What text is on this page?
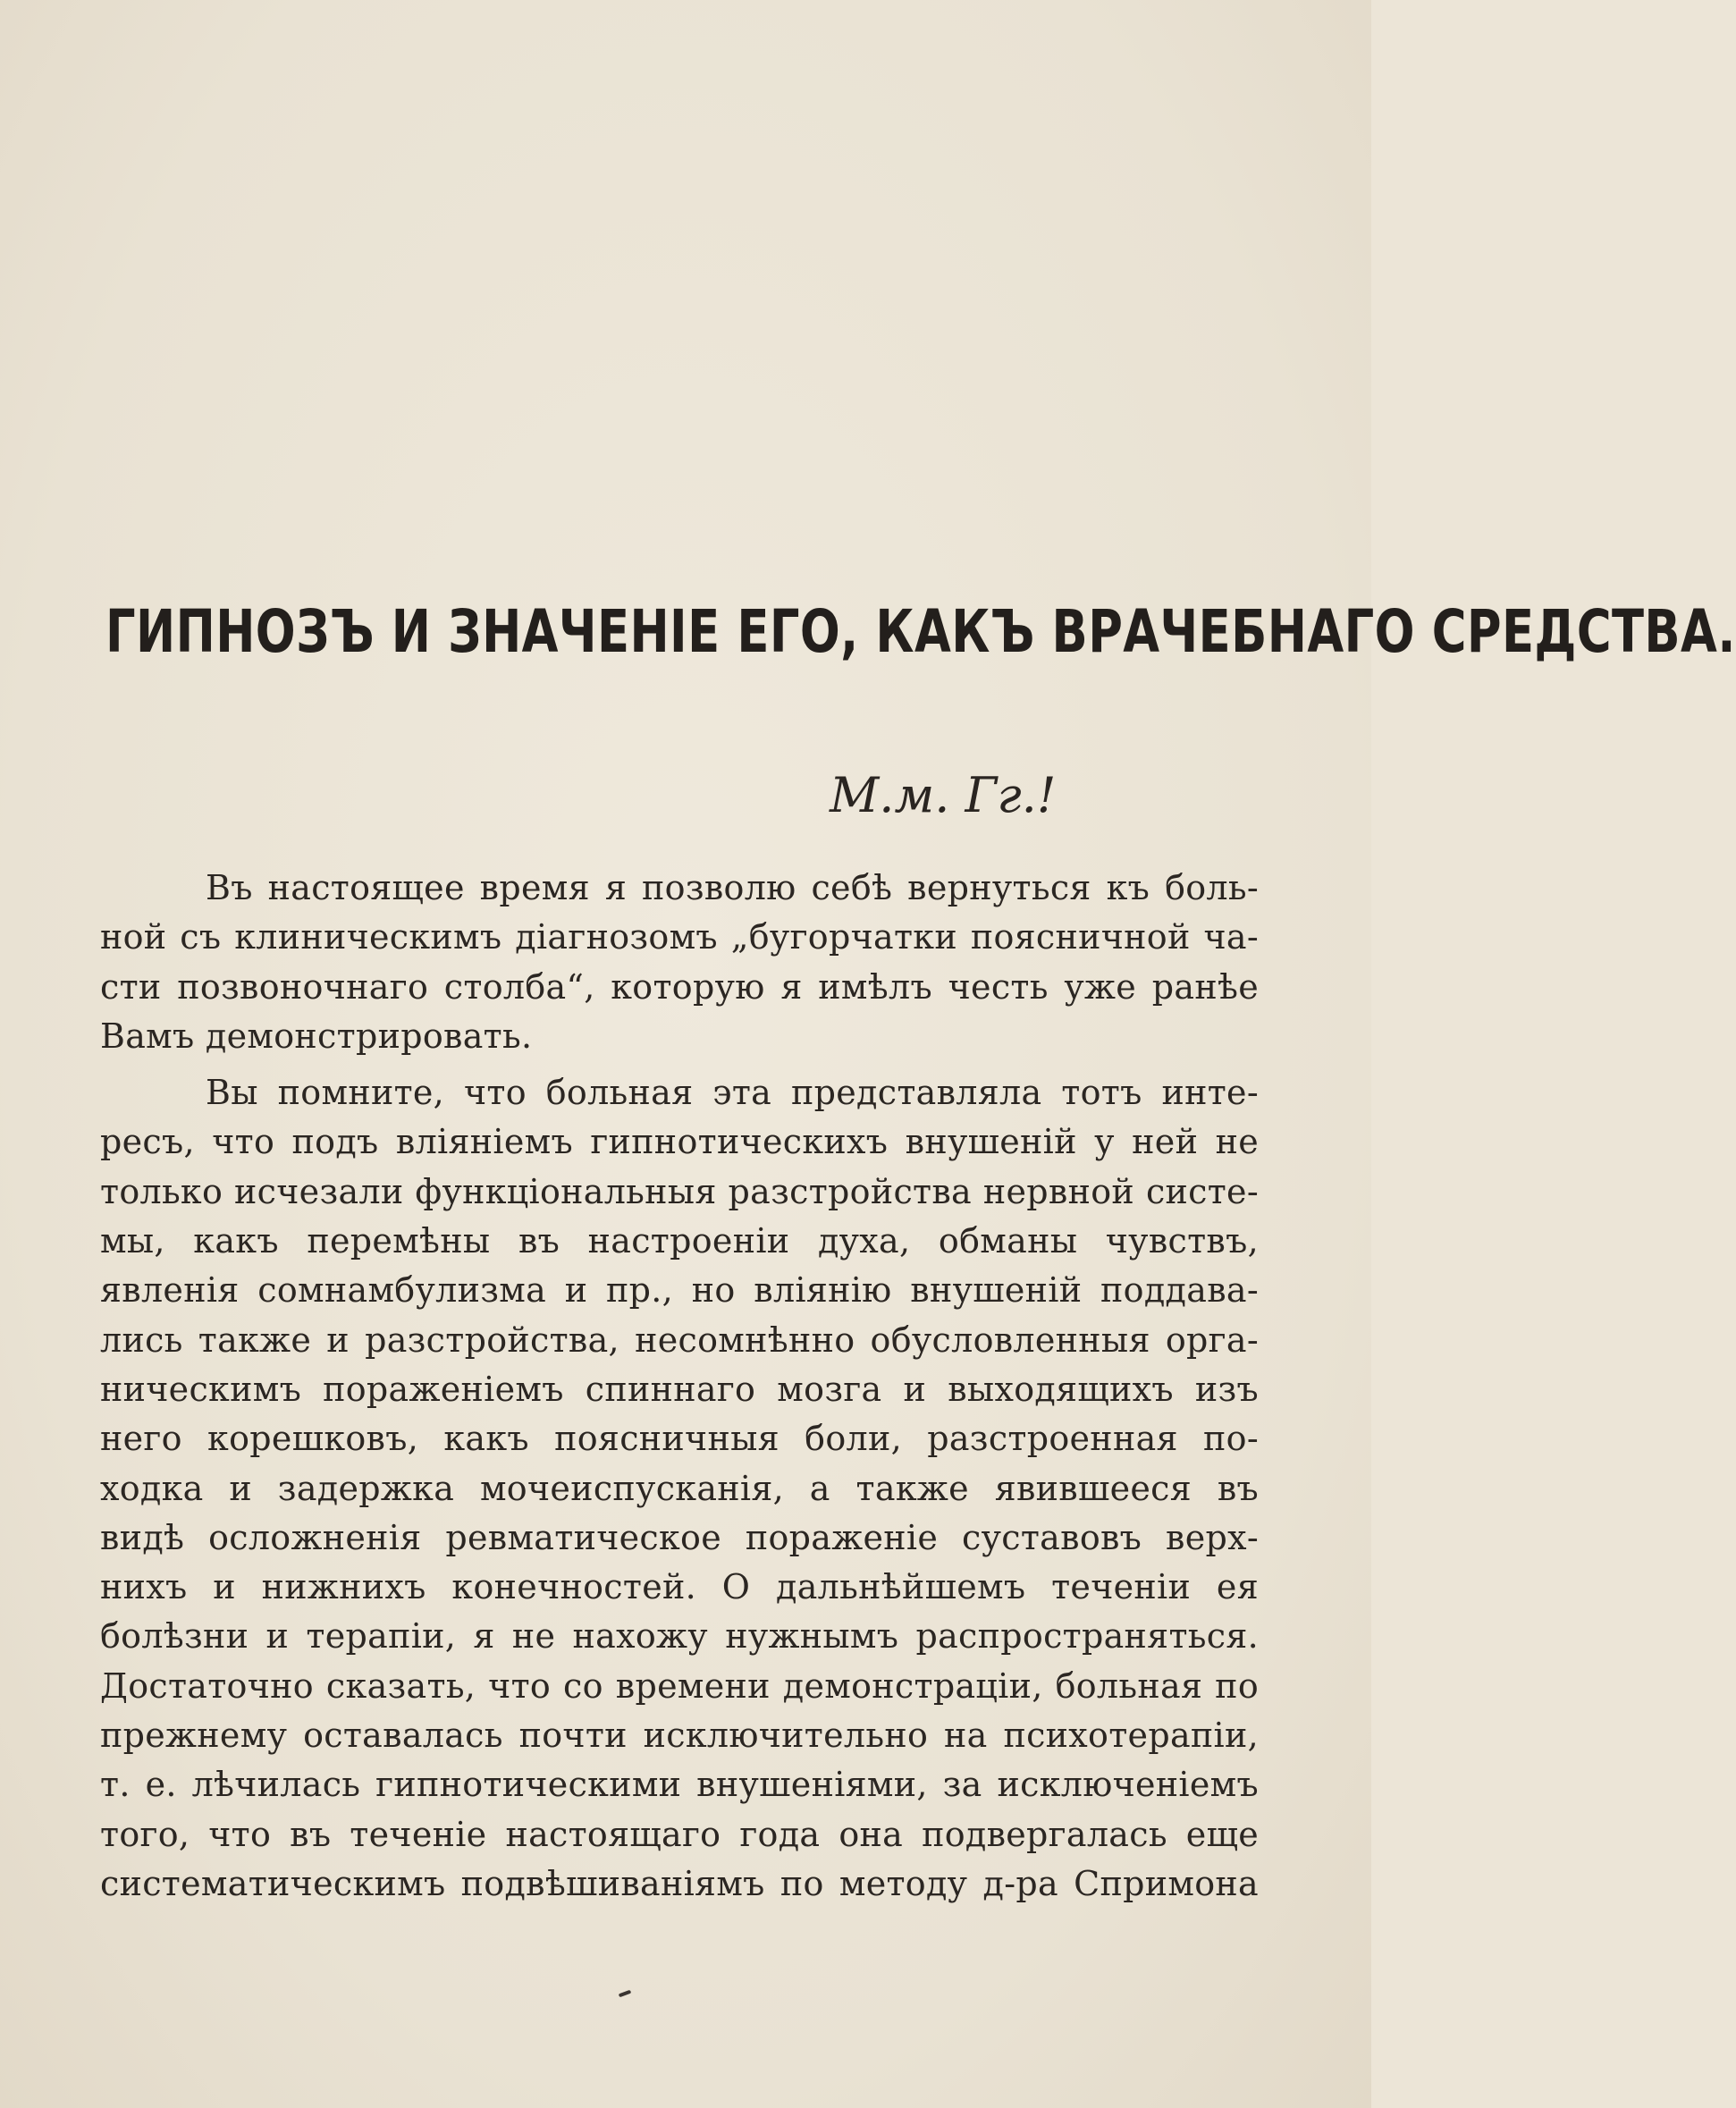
ГИПНОЗЪ И ЗНАЧЕНІЕ ЕГО, КАКЪ ВРАЧЕБНАГО СРЕДСТВА.

М.м. Гг.!

Въ настоящее время я позволю себѣ вернуться къ боль-
ной съ клиническимъ діагнозомъ „бугорчатки поясничной ча-
сти позвоночнаго столба“, которую я имѣлъ честь уже ранѣе
Вамъ демонстрировать.
Вы помните, что больная эта представляла тотъ инте-
ресъ, что подъ вліяніемъ гипнотическихъ внушеній у ней не
только исчезали функціональныя разстройства нервной систе-
мы, какъ перемѣны въ настроеніи духа, обманы чувствъ,
явленія сомнамбулизма и пр., но вліянію внушеній поддава-
лись также и разстройства, несомнѣнно обусловленныя орга-
ническимъ пораженіемъ спиннаго мозга и выходящихъ изъ
него корешковъ, какъ поясничныя боли, разстроенная по-
ходка и задержка мочеиспусканія, а также явившееся въ
видѣ осложненія ревматическое пораженіе суставовъ верх-
нихъ и нижнихъ конечностей. О дальнѣйшемъ теченіи ея
болѣзни и терапіи, я не нахожу нужнымъ распространяться.
Достаточно сказать, что со времени демонстраціи, больная по
прежнему оставалась почти исключительно на психотерапіи,
т. е. лѣчилась гипнотическими внушеніями, за исключеніемъ
того, что въ теченіе настоящаго года она подвергалась еще
систематическимъ подвѣшиваніямъ по методу д-ра Спримона
